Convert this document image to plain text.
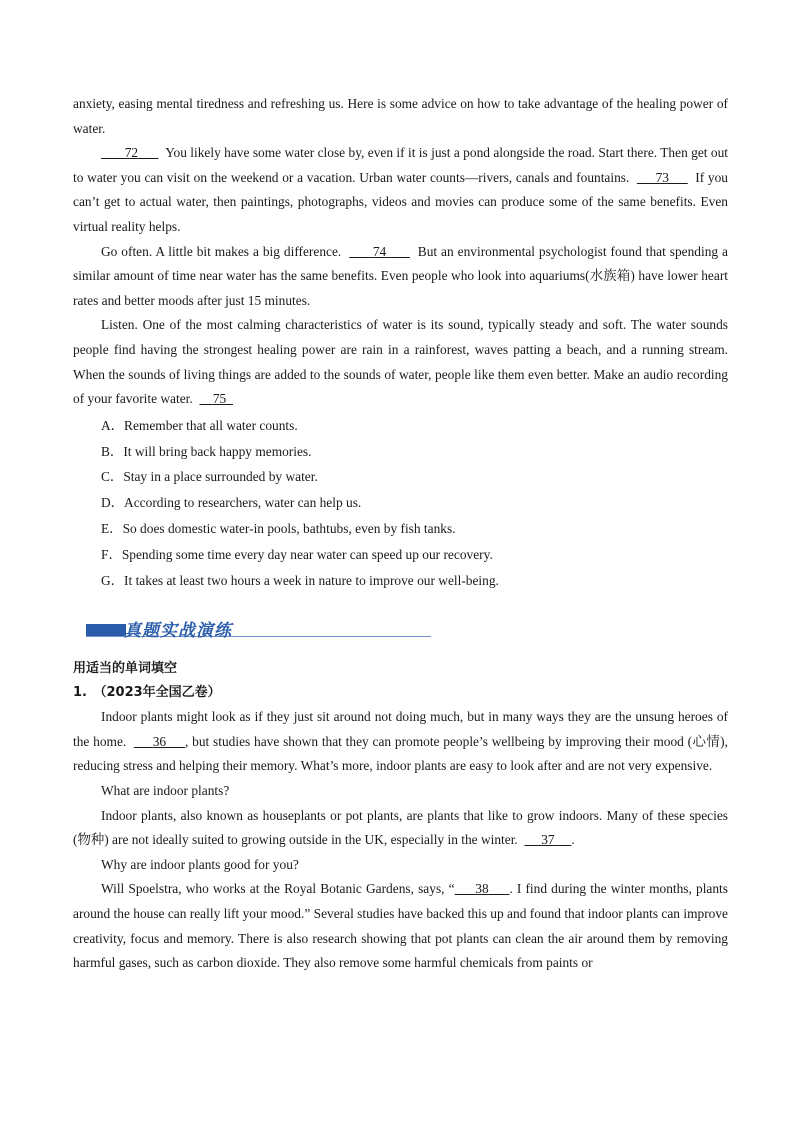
anxiety, easing mental tiredness and refreshing us. Here is some advice on how to take advantage of the healing power of water.

72 You likely have some water close by, even if it is just a pond alongside the road. Start there. Then get out to water you can visit on the weekend or a vacation. Urban water counts—rivers, canals and fountains. 73 If you can’t get to actual water, then paintings, photographs, videos and movies can produce some of the same benefits. Even virtual reality helps.

Go often. A little bit makes a big difference. 74 But an environmental psychologist found that spending a similar amount of time near water has the same benefits. Even people who look into aquariums(水族箱) have lower heart rates and better moods after just 15 minutes.

Listen. One of the most calming characteristics of water is its sound, typically steady and soft. The water sounds people find having the strongest healing power are rain in a rainforest, waves patting a beach, and a running stream. When the sounds of living things are added to the sounds of water, people like them even better. Make an audio recording of your favorite water. 75

A．Remember that all water counts.

B．It will bring back happy memories.

C．Stay in a place surrounded by water.

D．According to researchers, water can help us.

E．So does domestic water-in pools, bathtubs, even by fish tanks.

F．Spending some time every day near water can speed up our recovery.

G．It takes at least two hours a week in nature to improve our well-being.

真题实战演练

用适当的单词填空

1.　（2023年全国乙卷）

Indoor plants might look as if they just sit around not doing much, but in many ways they are the unsung heroes of the home. 36 , but studies have shown that they can promote people’s wellbeing by improving their mood (心情), reducing stress and helping their memory. What’s more, indoor plants are easy to look after and are not very expensive.

What are indoor plants?

Indoor plants, also known as houseplants or pot plants, are plants that like to grow indoors. Many of these species (物种) are not ideally suited to growing outside in the UK, especially in the winter. 37 .

Why are indoor plants good for you?

Will Spoelstra, who works at the Royal Botanic Gardens, says, “ 38 . I find during the winter months, plants around the house can really lift your mood.” Several studies have backed this up and found that indoor plants can improve creativity, focus and memory. There is also research showing that pot plants can clean the air around them by removing harmful gases, such as carbon dioxide. They also remove some harmful chemicals from paints or
